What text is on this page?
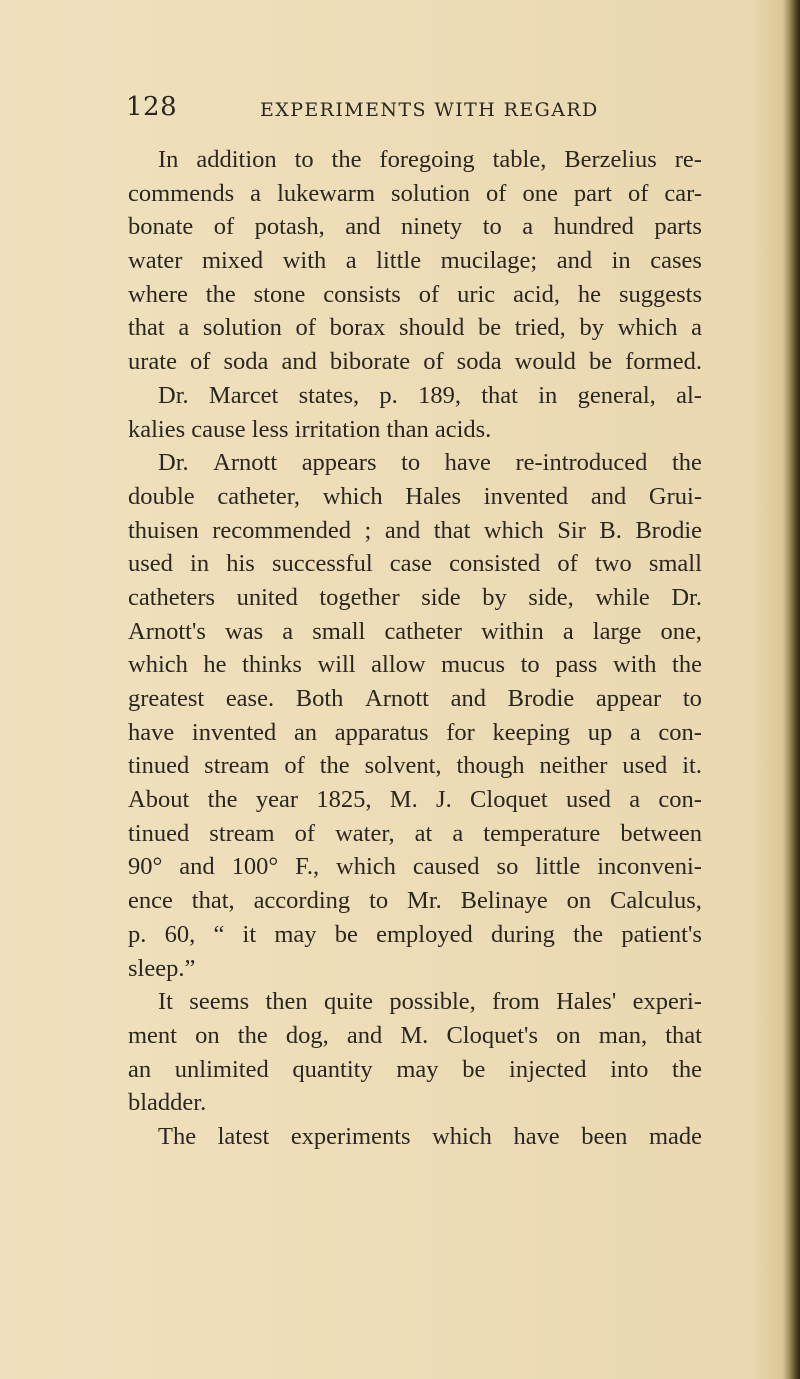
128	EXPERIMENTS WITH REGARD
In addition to the foregoing table, Berzelius re-
commends a lukewarm solution of one part of car-
bonate of potash, and ninety to a hundred parts
water mixed with a little mucilage; and in cases
where the stone consists of uric acid, he suggests
that a solution of borax should be tried, by which a
urate of soda and biborate of soda would be formed.
Dr. Marcet states, p. 189, that in general, al-
kalies cause less irritation than acids.
Dr. Arnott appears to have re-introduced the
double catheter, which Hales invented and Grui-
thuisen recommended ; and that which Sir B. Brodie
used in his successful case consisted of two small
catheters united together side by side, while Dr.
Arnott's was a small catheter within a large one,
which he thinks will allow mucus to pass with the
greatest ease. Both Arnott and Brodie appear to
have invented an apparatus for keeping up a con-
tinued stream of the solvent, though neither used it.
About the year 1825, M. J. Cloquet used a con-
tinued stream of water, at a temperature between
90° and 100° F., which caused so little inconveni-
ence that, according to Mr. Belinaye on Calculus,
p. 60, “ it may be employed during the patient's
sleep.”
It seems then quite possible, from Hales' experi-
ment on the dog, and M. Cloquet's on man, that
an unlimited quantity may be injected into the
bladder.
The latest experiments which have been made
